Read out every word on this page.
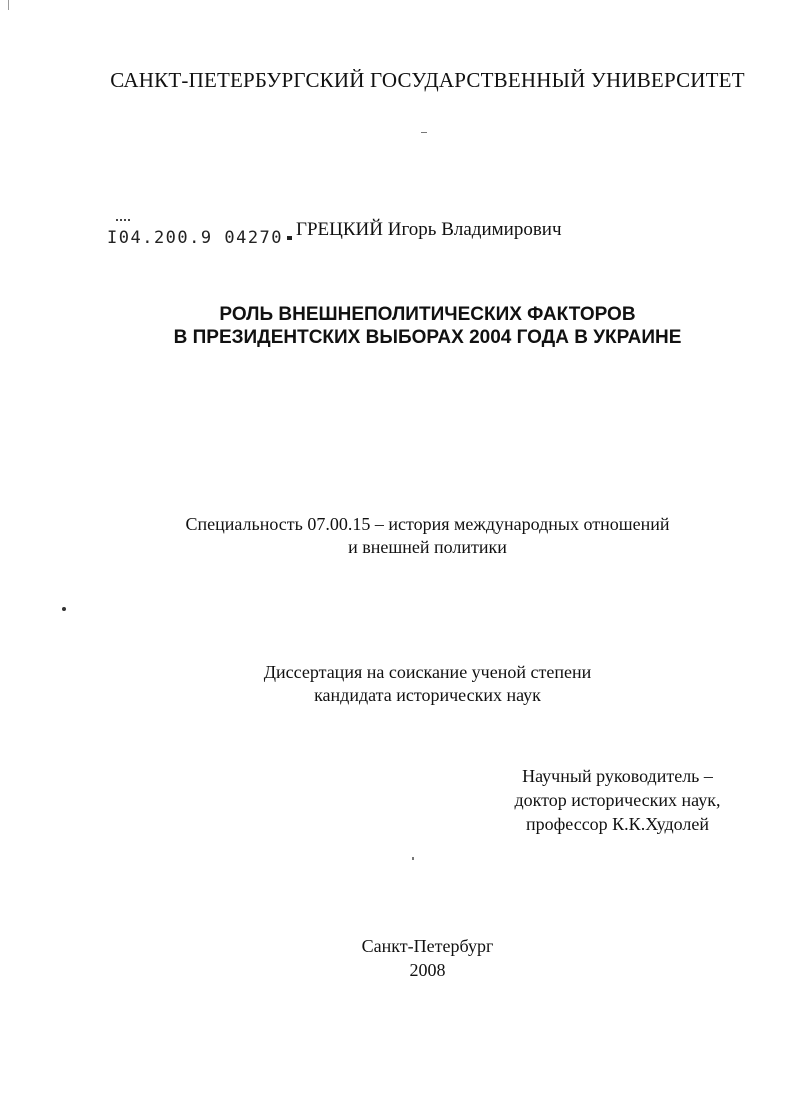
САНКТ-ПЕТЕРБУРГСКИЙ ГОСУДАРСТВЕННЫЙ УНИВЕРСИТЕТ
I04.200.9 04270 ГРЕЦКИЙ Игорь Владимирович
РОЛЬ ВНЕШНЕПОЛИТИЧЕСКИХ ФАКТОРОВ
В ПРЕЗИДЕНТСКИХ ВЫБОРАХ 2004 ГОДА В УКРАИНЕ
Специальность 07.00.15 – история международных отношений
и внешней политики
Диссертация на соискание ученой степени
кандидата исторических наук
Научный руководитель –
доктор исторических наук,
профессор К.К.Худолей
Санкт-Петербург
2008
